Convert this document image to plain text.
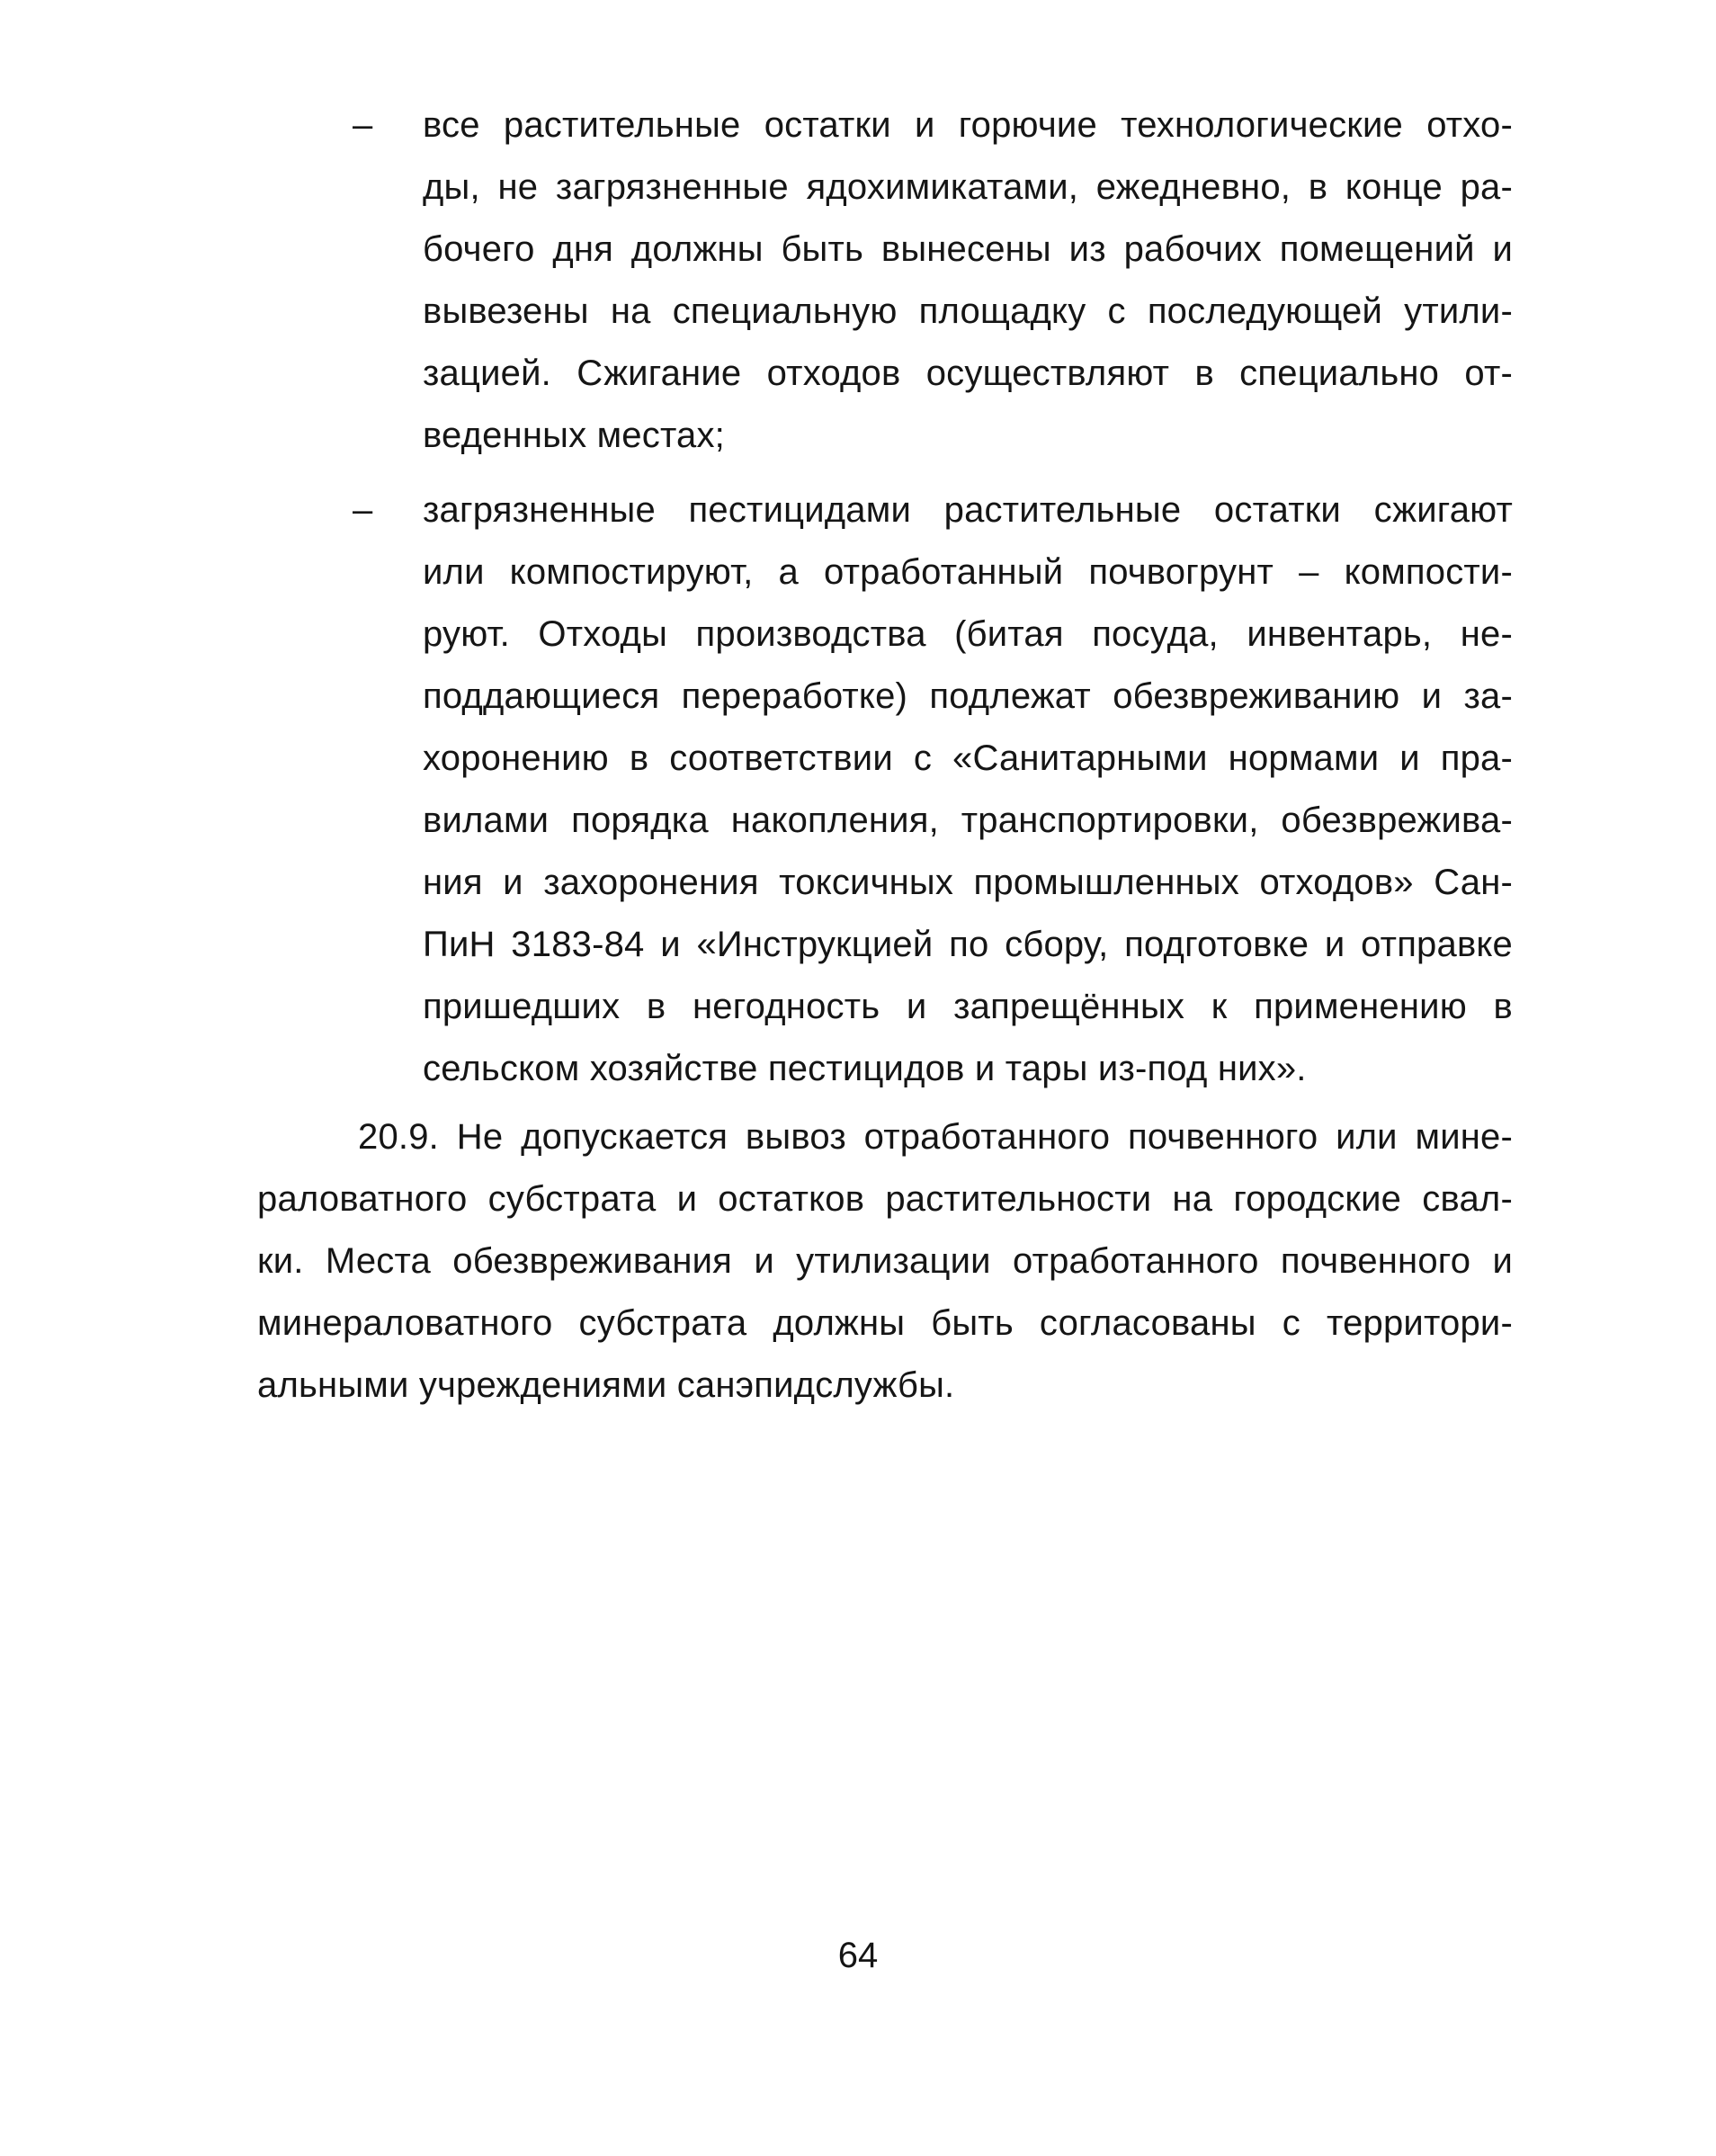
– все растительные остатки и горючие технологические отхо-
ды, не загрязненные ядохимикатами, ежедневно, в конце ра-
бочего дня должны быть вынесены из рабочих помещений и
вывезены на специальную площадку с последующей утили-
зацией. Сжигание отходов осуществляют в специально от-
веденных местах;
– загрязненные пестицидами растительные остатки сжигают
или компостируют, а отработанный почвогрунт – компости-
руют. Отходы производства (битая посуда, инвентарь, не-
поддающиеся переработке) подлежат обезвреживанию и за-
хоронению в соответствии с «Санитарными нормами и пра-
вилами порядка накопления, транспортировки, обезврежива-
ния и захоронения токсичных промышленных отходов» Сан-
ПиН 3183-84 и «Инструкцией по сбору, подготовке и отправке
пришедших в негодность и запрещённых к применению в
сельском хозяйстве пестицидов и тары из-под них».
20.9. Не допускается вывоз отработанного почвенного или мине-
раловатного субстрата и остатков растительности на городские свал-
ки. Места обезвреживания и утилизации отработанного почвенного и
минераловатного субстрата должны быть согласованы с территори-
альными учреждениями санэпидслужбы.
64
